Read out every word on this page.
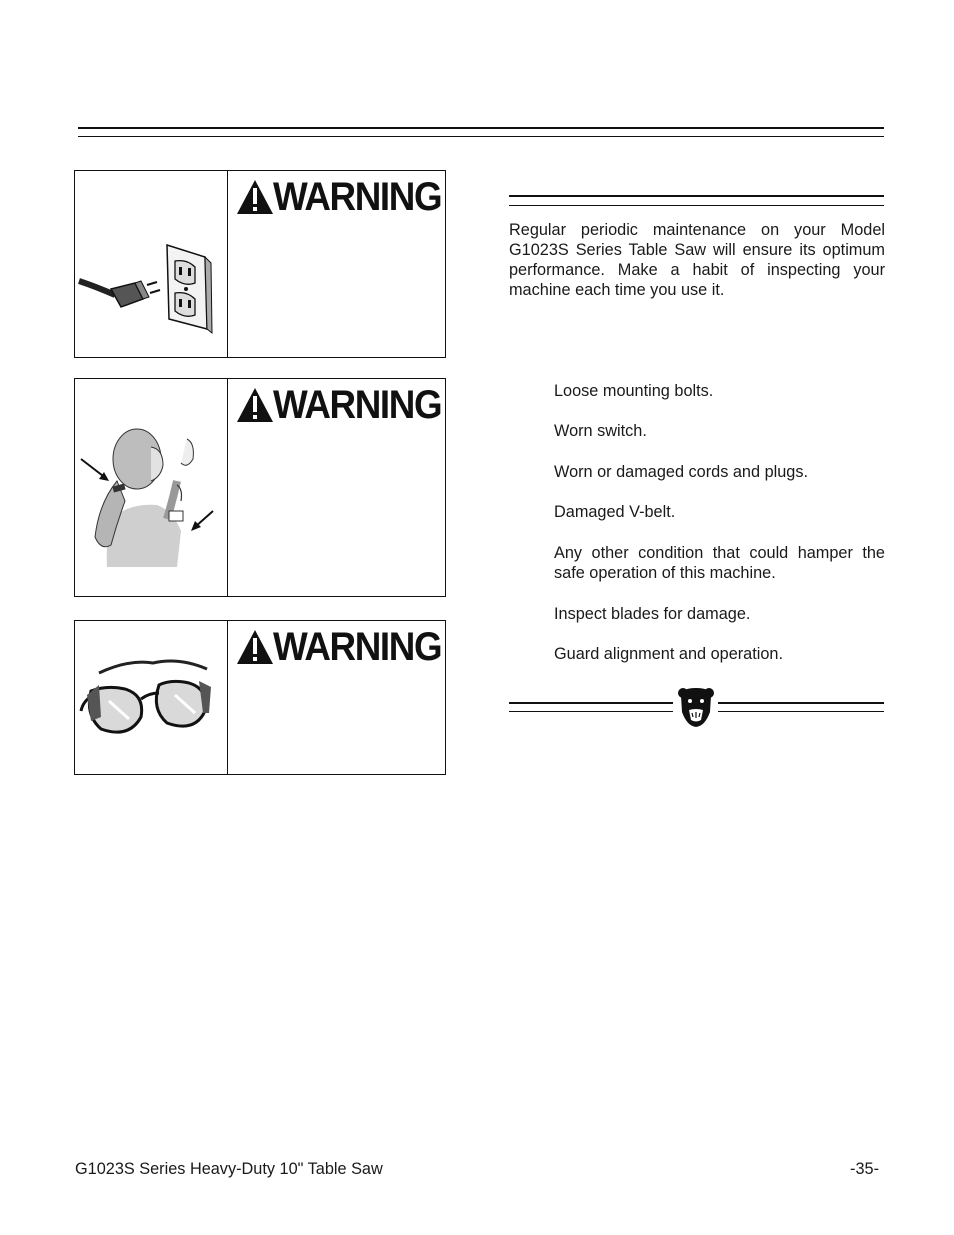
WARNING
WARNING
WARNING
Regular periodic maintenance on your Model G1023S Series Table Saw will ensure its optimum performance. Make a habit of inspecting your machine each time you use it.
Loose mounting bolts.
Worn switch.
Worn or damaged cords and plugs.
Damaged V-belt.
Any other condition that could hamper the safe operation of this machine.
Inspect blades for damage.
Guard alignment and operation.
G1023S Series Heavy-Duty 10" Table Saw	-35-
